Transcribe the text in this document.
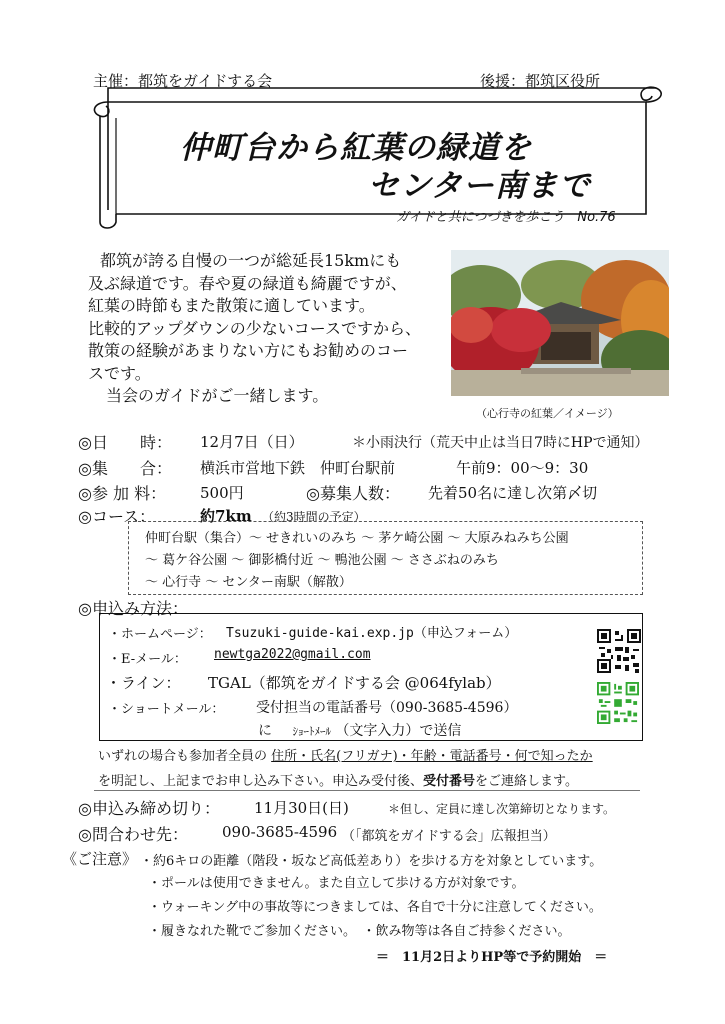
主催：都筑をガイドする会	後援：都筑区役所
仲町台から紅葉の緑道を
センター南まで
ガイドと共につづきを歩こう　No.76
都筑が誇る自慢の一つが総延長15kmにも
及ぶ緑道です。春や夏の緑道も綺麗ですが、
紅葉の時節もまた散策に適しています。
比較的アップダウンの少ないコースですから、
散策の経験があまりない方にもお勧めのコー
スです。
当会のガイドがご一緒します。
（心行寺の紅葉／イメージ）
◎日　　時： 12月7日（日）	＊小雨決行（荒天中止は当日7時にHPで通知）
◎集　　合： 横浜市営地下鉄　仲町台駅前	午前9：00〜9：30
◎参 加 料： 500円	◎募集人数： 先着50名に達し次第〆切
◎コース：	約7km （約3時間の予定）
仲町台駅（集合）〜 せきれいのみち 〜 茅ケ崎公園 〜 大原みねみち公園
〜 葛ケ谷公園 〜 御影橋付近 〜 鴨池公園 〜 ささぶねのみち
〜 心行寺 〜 センター南駅（解散）
◎申込み方法：
・ホームページ： Tsuzuki-guide-kai.exp.jp（申込フォーム）
・E-メール： newtga2022@gmail.com
・ライン： TGAL（都筑をガイドする会 @064fylab）
・ショートメール： 受付担当の電話番号（090-3685-4596）
に ｼｮｰﾄﾒｰﾙ （文字入力）で送信
いずれの場合も参加者全員の 住所・氏名(フリガナ)・年齢・電話番号・何で知ったか
を明記し、上記までお申し込み下さい。申込み受付後、受付番号をご連絡します。
◎申込み締め切り： 11月30日(日)	＊但し、定員に達し次第締切となります。
◎問合わせ先： 090-3685-4596 （「都筑をガイドする会」広報担当）
《ご注意》 ・約6キロの距離（階段・坂など高低差あり）を歩ける方を対象としています。
・ポールは使用できません。また自立して歩ける方が対象です。
・ウォーキング中の事故等につきましては、各自で十分に注意してください。
・履きなれた靴でご参加ください。　・飲み物等は各自ご持参ください。
＝　11月2日よりHP等で予約開始　＝
